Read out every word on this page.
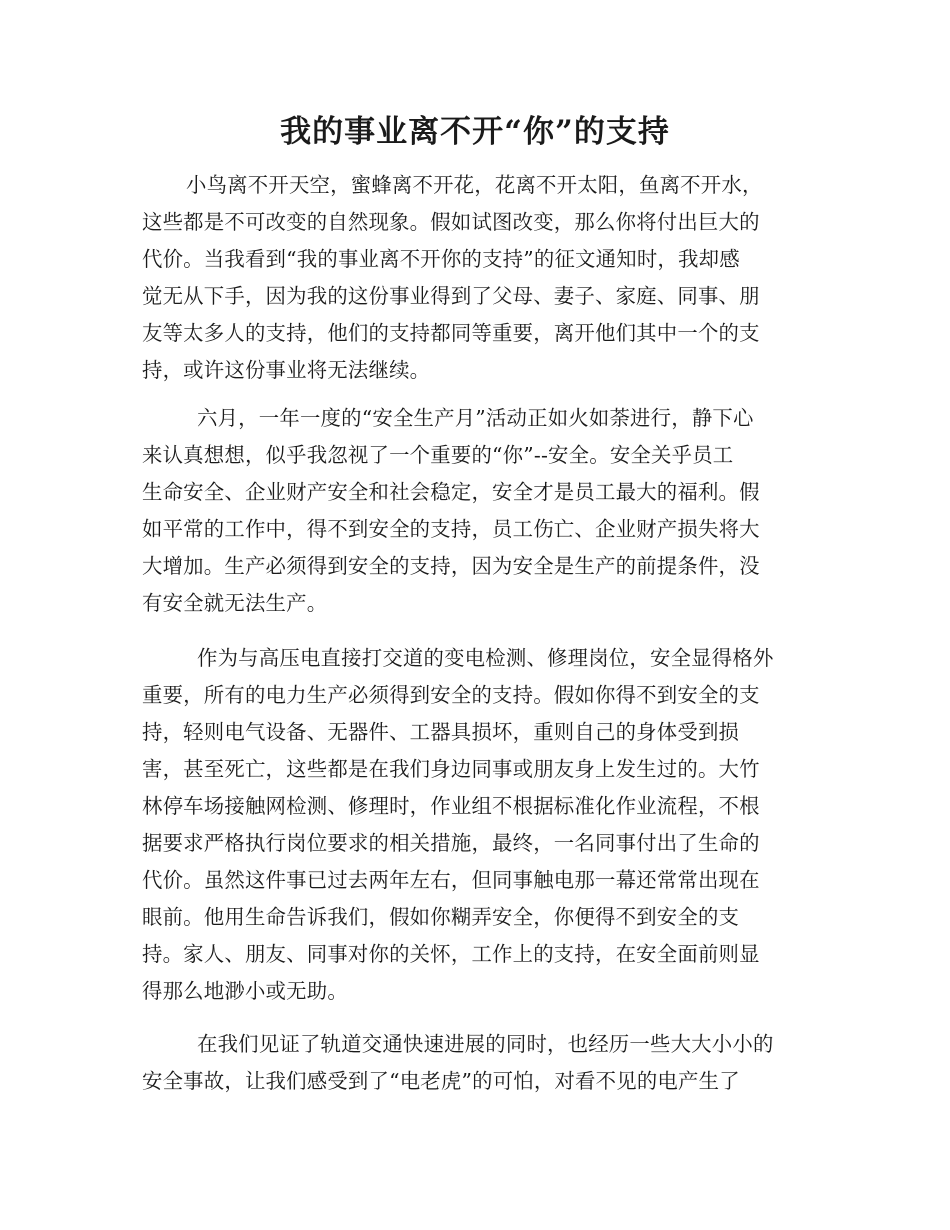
我的事业离不开“你”的支持
小鸟离不开天空，蜜蜂离不开花，花离不开太阳，鱼离不开水，
这些都是不可改变的自然现象。假如试图改变，那么你将付出巨大的
代价。当我看到“我的事业离不开你的支持”的征文通知时，我却感
觉无从下手，因为我的这份事业得到了父母、妻子、家庭、同事、朋
友等太多人的支持，他们的支持都同等重要，离开他们其中一个的支
持，或许这份事业将无法继续。
六月，一年一度的“安全生产月”活动正如火如荼进行，静下心
来认真想想，似乎我忽视了一个重要的“你”--安全。安全关乎员工
生命安全、企业财产安全和社会稳定，安全才是员工最大的福利。假
如平常的工作中，得不到安全的支持，员工伤亡、企业财产损失将大
大增加。生产必须得到安全的支持，因为安全是生产的前提条件，没
有安全就无法生产。
作为与高压电直接打交道的变电检测、修理岗位，安全显得格外
重要，所有的电力生产必须得到安全的支持。假如你得不到安全的支
持，轻则电气设备、无器件、工器具损坏，重则自己的身体受到损
害，甚至死亡，这些都是在我们身边同事或朋友身上发生过的。大竹
林停车场接触网检测、修理时，作业组不根据标准化作业流程，不根
据要求严格执行岗位要求的相关措施，最终，一名同事付出了生命的
代价。虽然这件事已过去两年左右，但同事触电那一幕还常常出现在
眼前。他用生命告诉我们，假如你糊弄安全，你便得不到安全的支
持。家人、朋友、同事对你的关怀，工作上的支持，在安全面前则显
得那么地渺小或无助。
在我们见证了轨道交通快速进展的同时，也经历一些大大小小的
安全事故，让我们感受到了“电老虎”的可怕，对看不见的电产生了
